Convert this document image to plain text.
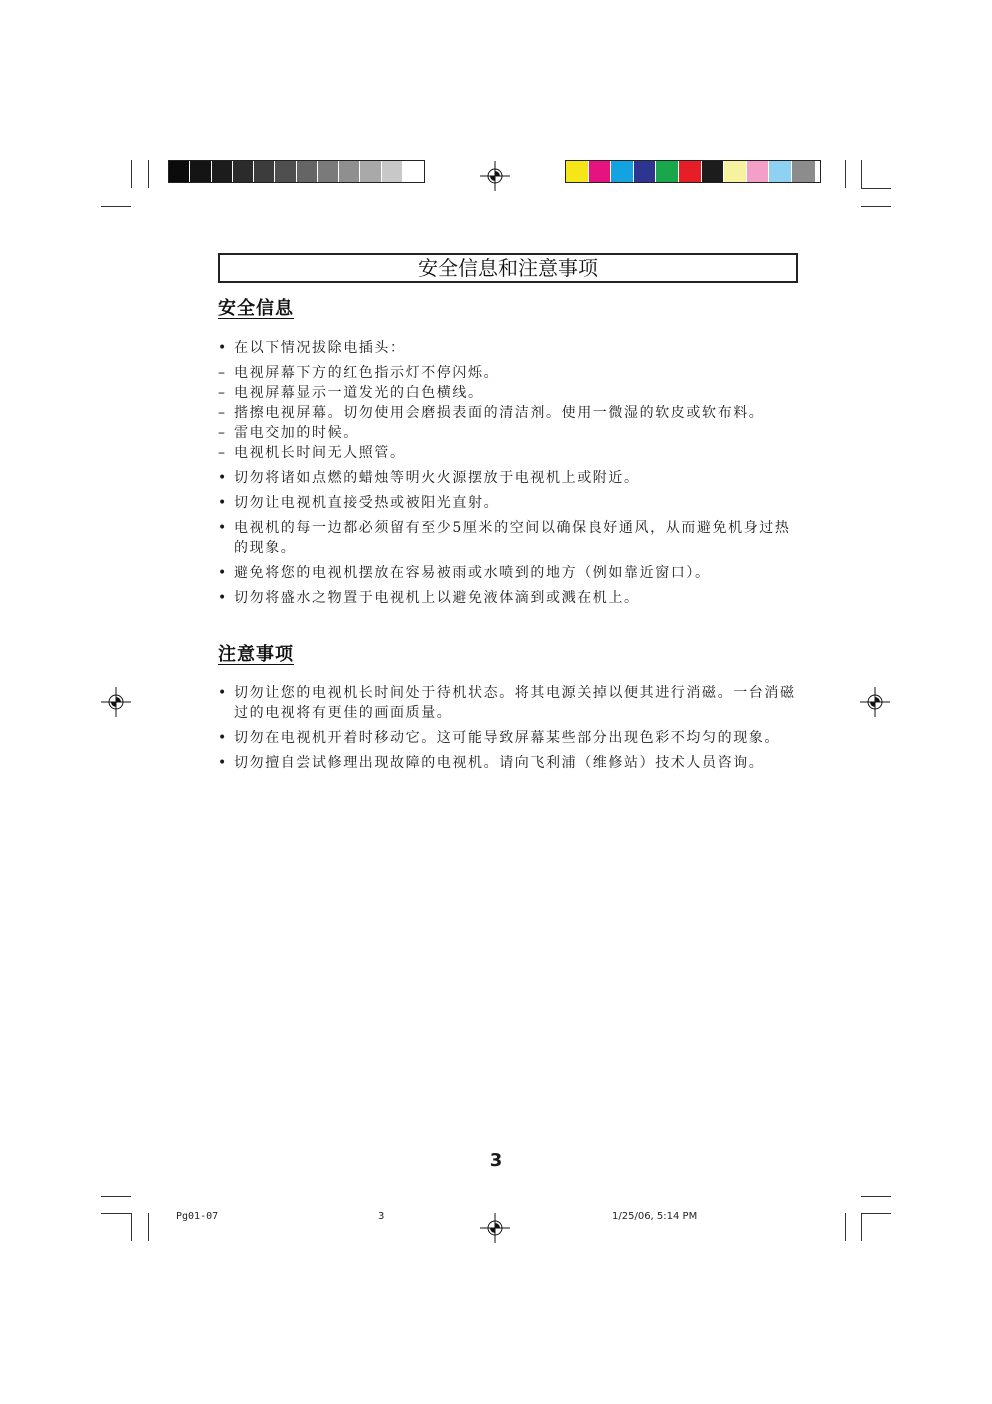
安全信息和注意事项
安全信息
• 在以下情况拔除电插头：
– 电视屏幕下方的红色指示灯不停闪烁。
– 电视屏幕显示一道发光的白色横线。
– 揩擦电视屏幕。切勿使用会磨损表面的清洁剂。使用一微湿的软皮或软布料。
– 雷电交加的时候。
– 电视机长时间无人照管。
• 切勿将诸如点燃的蜡烛等明火火源摆放于电视机上或附近。
• 切勿让电视机直接受热或被阳光直射。
• 电视机的每一边都必须留有至少5厘米的空间以确保良好通风，从而避免机身过热的现象。
• 避免将您的电视机摆放在容易被雨或水喷到的地方（例如靠近窗口）。
• 切勿将盛水之物置于电视机上以避免液体滴到或溅在机上。
注意事项
• 切勿让您的电视机长时间处于待机状态。将其电源关掉以便其进行消磁。一台消磁过的电视将有更佳的画面质量。
• 切勿在电视机开着时移动它。这可能导致屏幕某些部分出现色彩不均匀的现象。
• 切勿擅自尝试修理出现故障的电视机。请向飞利浦（维修站）技术人员咨询。
3
Pg01-07	3	1/25/06, 5:14 PM
